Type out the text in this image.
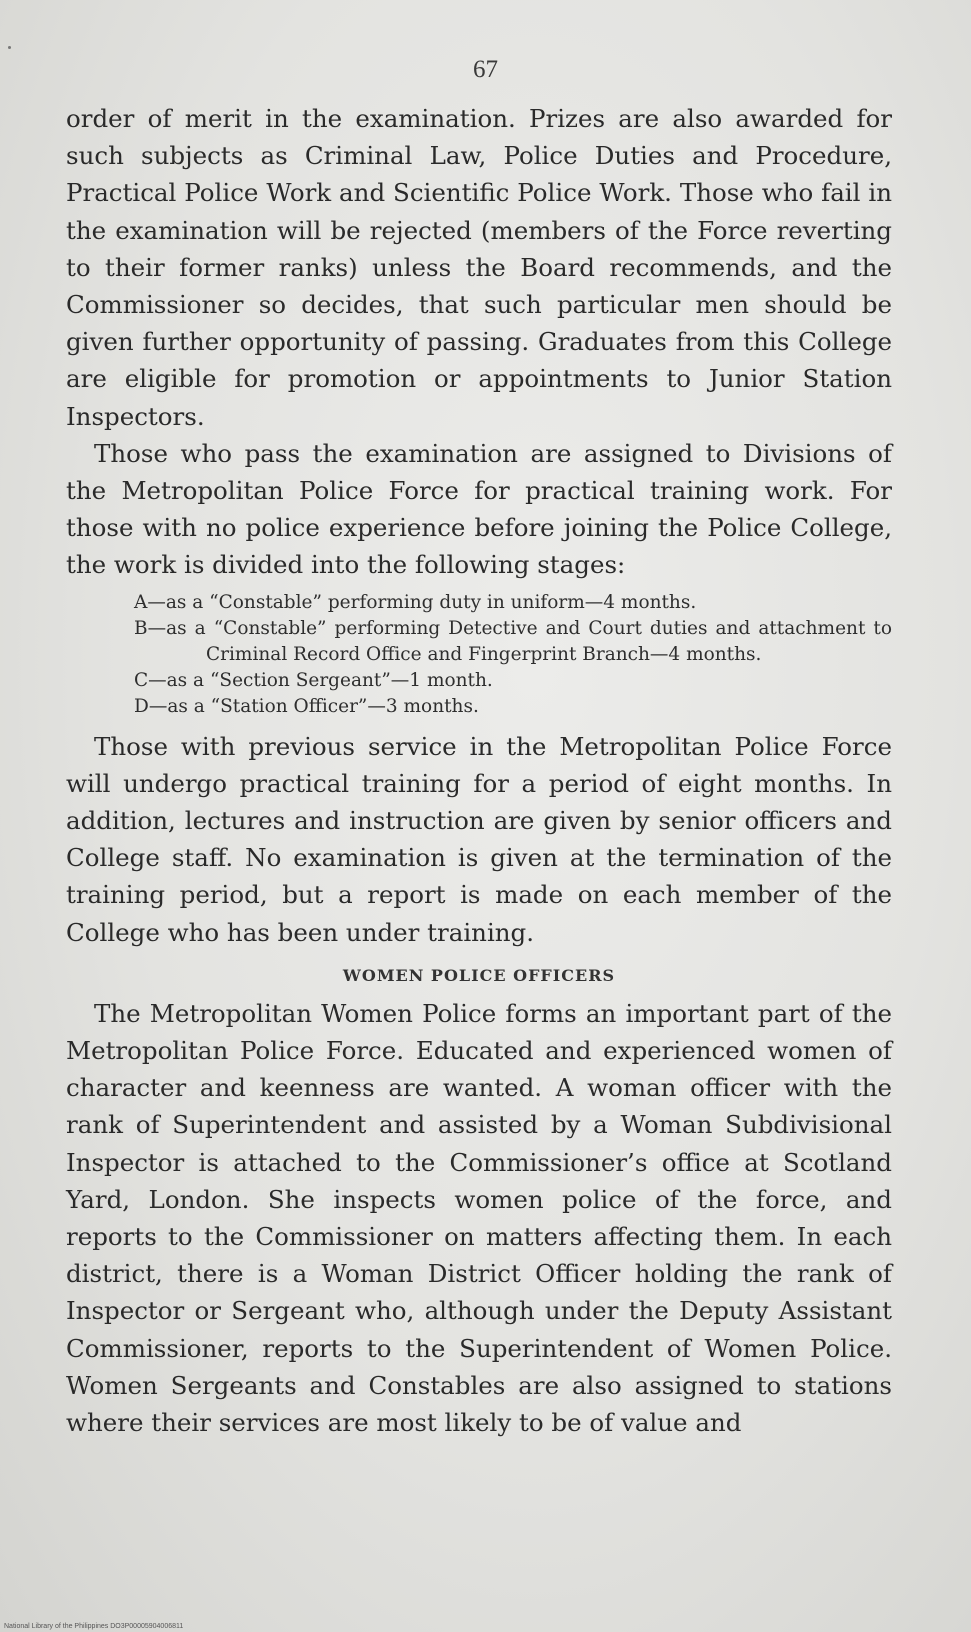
67

order of merit in the examination. Prizes are also awarded for such subjects as Criminal Law, Police Duties and Procedure, Practical Police Work and Scientific Police Work. Those who fail in the examination will be rejected (members of the Force reverting to their former ranks) unless the Board recommends, and the Commissioner so decides, that such particular men should be given further opportunity of passing. Graduates from this College are eligible for promotion or appointments to Junior Station Inspectors.

Those who pass the examination are assigned to Divisions of the Metropolitan Police Force for practical training work. For those with no police experience before joining the Police College, the work is divided into the following stages:

A—as a “Constable” performing duty in uniform—4 months.
B—as a “Constable” performing Detective and Court duties and attachment to Criminal Record Office and Fingerprint Branch—4 months.
C—as a “Section Sergeant”—1 month.
D—as a “Station Officer”—3 months.

Those with previous service in the Metropolitan Police Force will undergo practical training for a period of eight months. In addition, lectures and instruction are given by senior officers and College staff. No examination is given at the termination of the training period, but a report is made on each member of the College who has been under training.

WOMEN POLICE OFFICERS

The Metropolitan Women Police forms an important part of the Metropolitan Police Force. Educated and experienced women of character and keenness are wanted. A woman officer with the rank of Superintendent and assisted by a Woman Subdivisional Inspector is attached to the Commissioner’s office at Scotland Yard, London. She inspects women police of the force, and reports to the Commissioner on matters affecting them. In each district, there is a Woman District Officer holding the rank of Inspector or Sergeant who, although under the Deputy Assistant Commissioner, reports to the Superintendent of Women Police. Women Sergeants and Constables are also assigned to stations where their services are most likely to be of value and

National Library of the Philippines DO3P00005904006811
